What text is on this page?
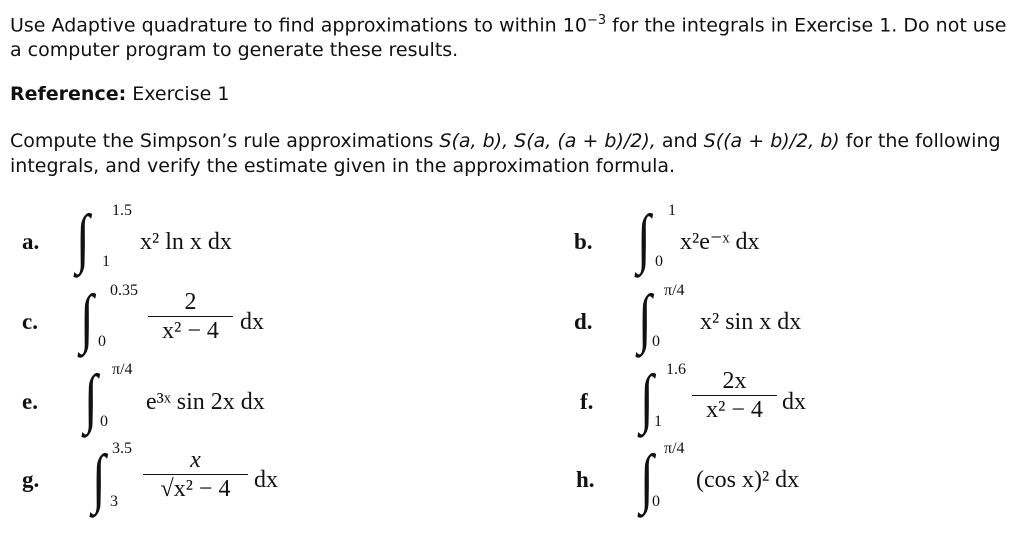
Use Adaptive quadrature to find approximations to within $10^{-3}$ for the integrals in Exercise 1. Do not use a computer program to generate these results.
Reference: Exercise 1
Compute the Simpson’s rule approximations S(a, b), S(a, (a + b)/2), and S((a + b)/2, b) for the following integrals, and verify the estimate given in the approximation formula.
a. ∫ 1.5
1
x² ln x dx	b. ∫ 1
0
x²e⁻ˣ dx
c. ∫ 0.35
0
2
x² − 4 dx	d. ∫ π/4
0
x² sin x dx
e. ∫ π/4
0
e³ˣ sin 2x dx	f. ∫ 1.6
1
2x
x² − 4 dx
g. ∫ 3.5
3
x
√x² − 4 dx	h. ∫ π/4
0
(cos x)² dx
